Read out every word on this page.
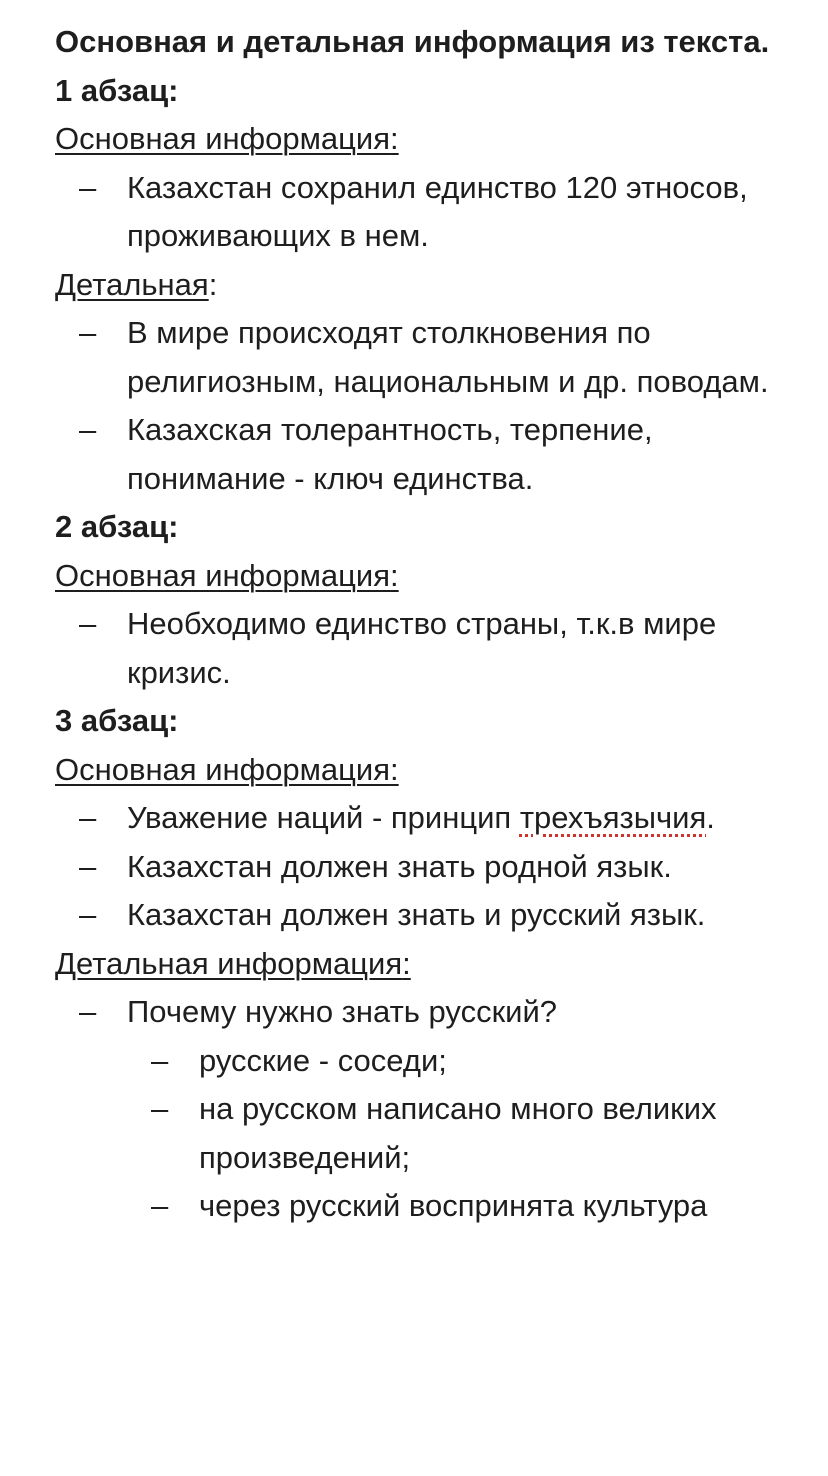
Основная и детальная информация из текста.

1 абзац:

Основная информация:

– Казахстан сохранил единство 120 этносов, проживающих в нем.

Детальная:

– В мире происходят столкновения по религиозным, национальным и др. поводам.
– Казахская толерантность, терпение, понимание - ключ единства.

2 абзац:

Основная информация:

– Необходимо единство страны, т.к.в мире кризис.

3 абзац:

Основная информация:

– Уважение наций - принцип трехъязычия.
– Казахстан должен знать родной язык.
– Казахстан должен знать и русский язык.

Детальная информация:

– Почему нужно знать русский?
– русские - соседи;
– на русском написано много великих произведений;
– через русский воспринята культура
